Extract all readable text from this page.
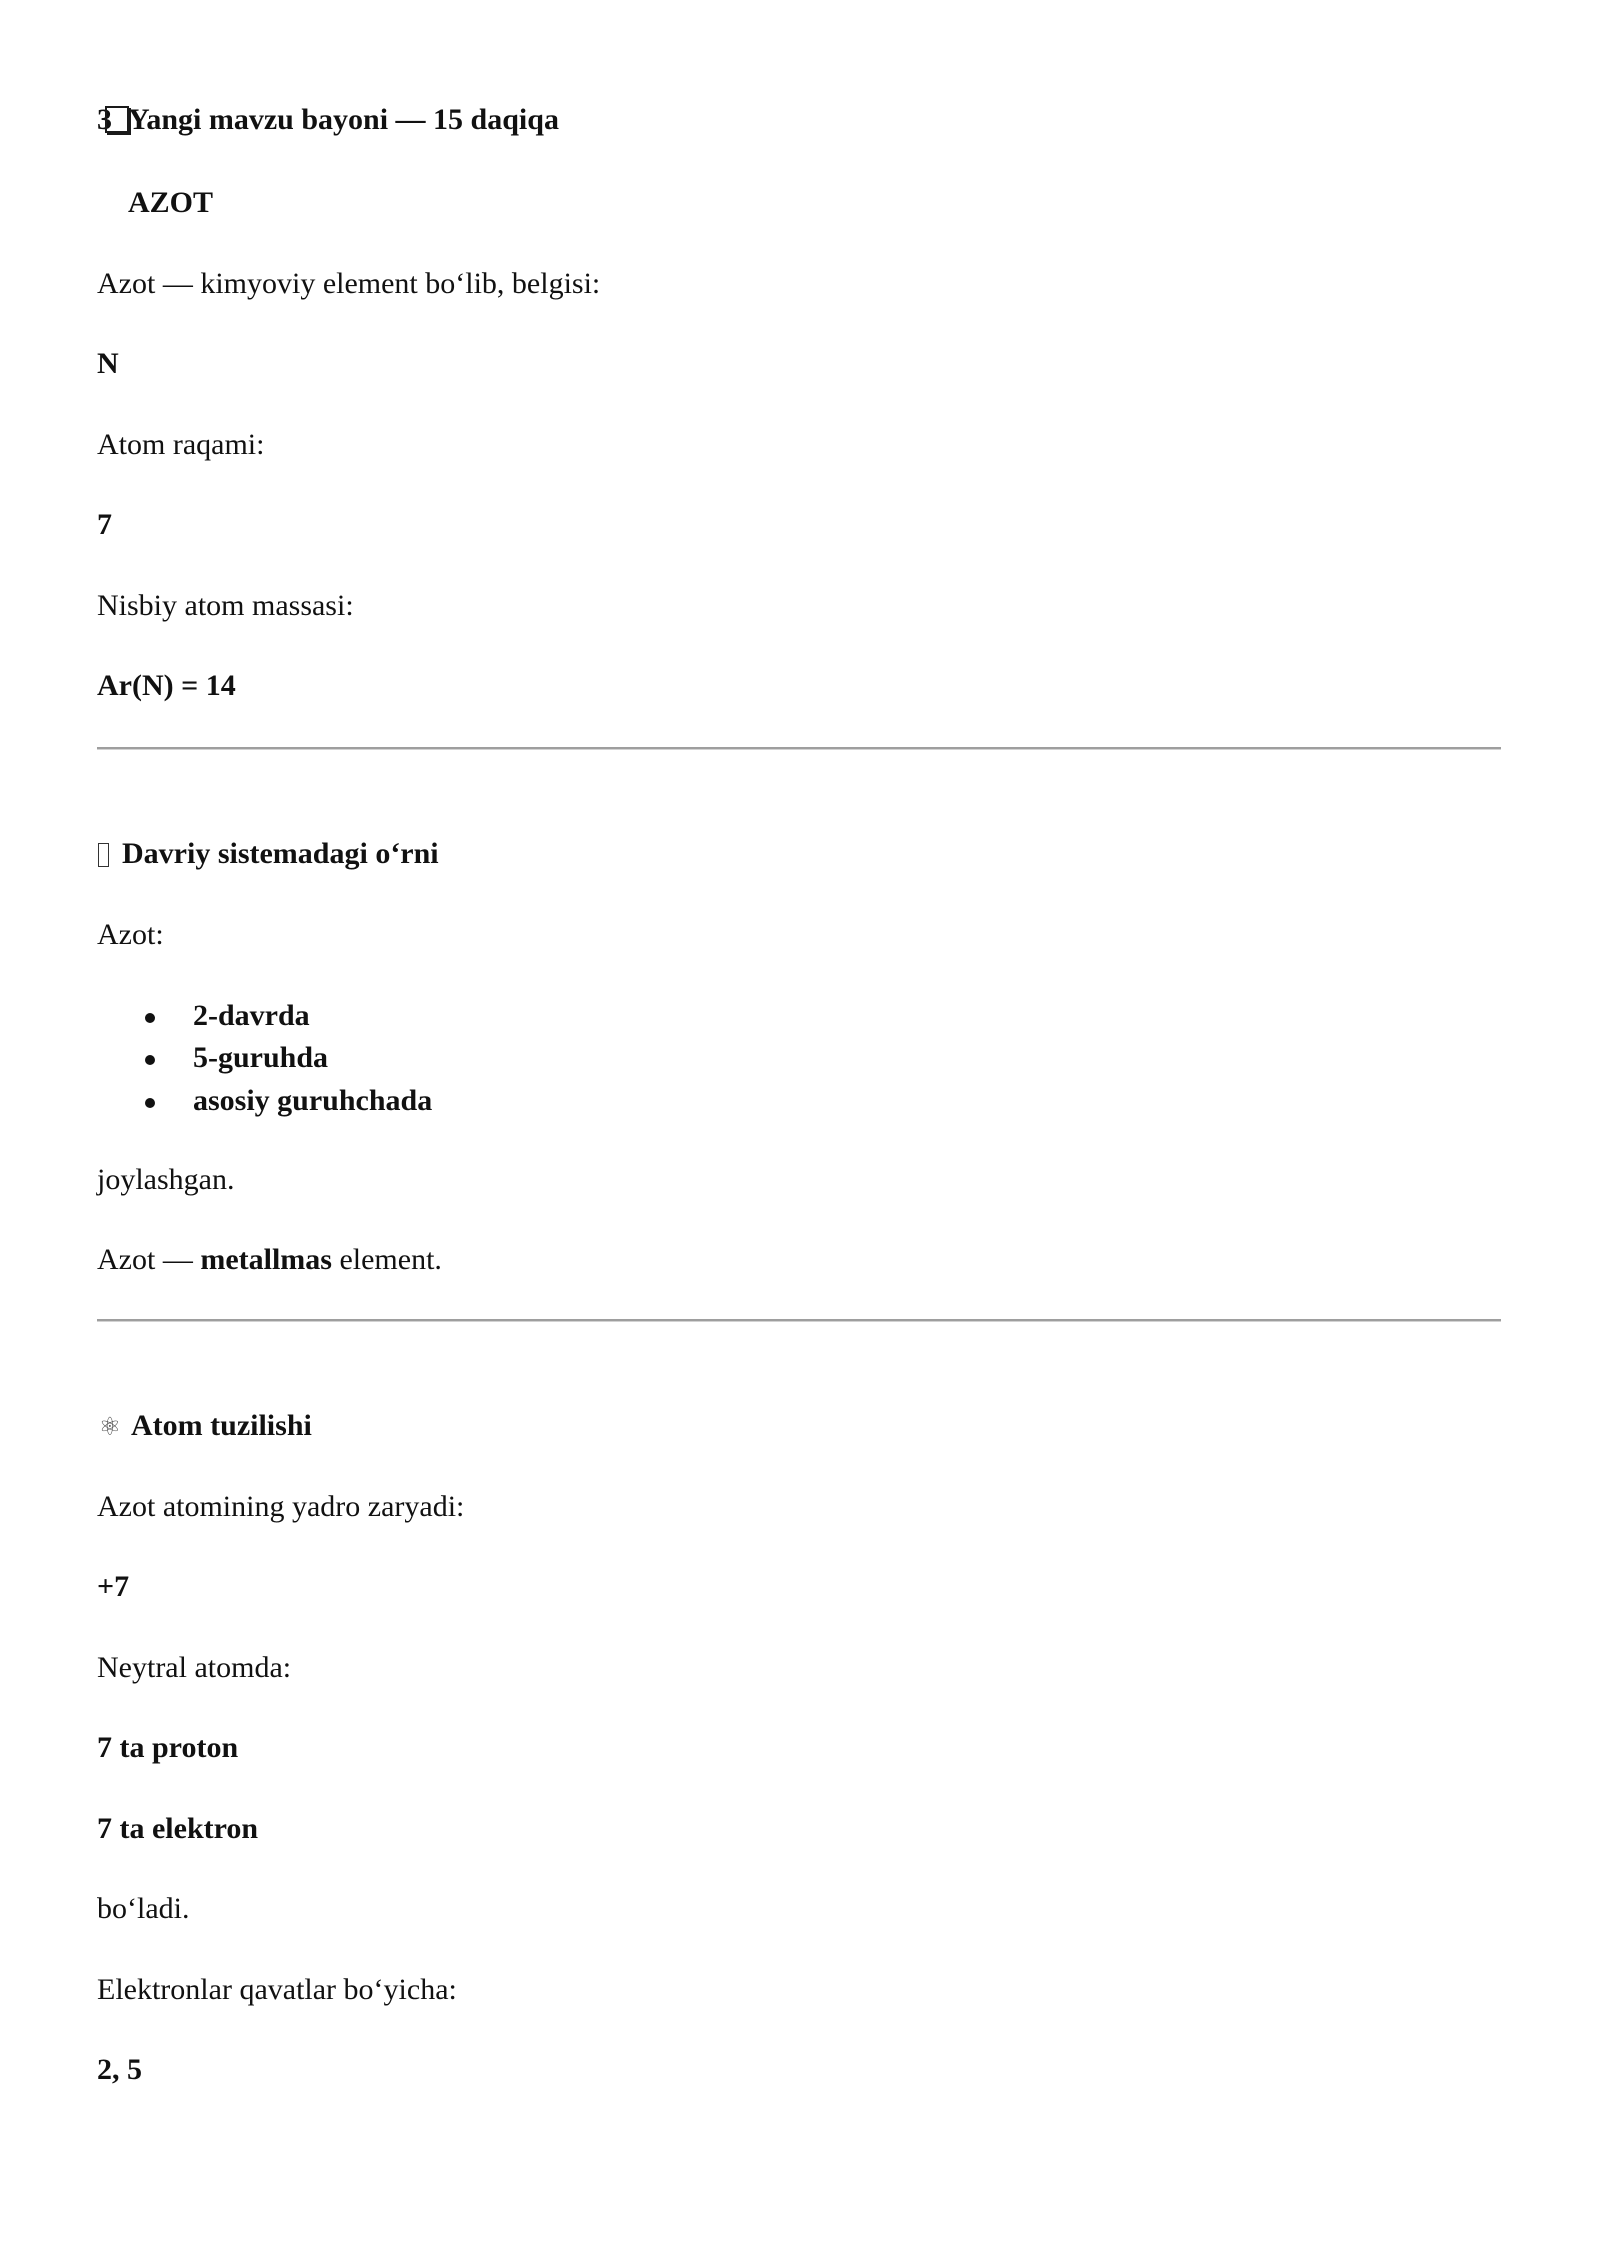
3 Yangi mavzu bayoni — 15 daqiqa

AZOT

Azot — kimyoviy element bo‘lib, belgisi:

N

Atom raqami:

7

Nisbiy atom massasi:

Ar(N) = 14

Davriy sistemadagi o‘rni

Azot:

2-davrda
5-guruhda
asosiy guruhchada

joylashgan.

Azot — metallmas element.

⚛Atom tuzilishi

Azot atomining yadro zaryadi:

+7

Neytral atomda:

7 ta proton

7 ta elektron

bo‘ladi.

Elektronlar qavatlar bo‘yicha:

2, 5
